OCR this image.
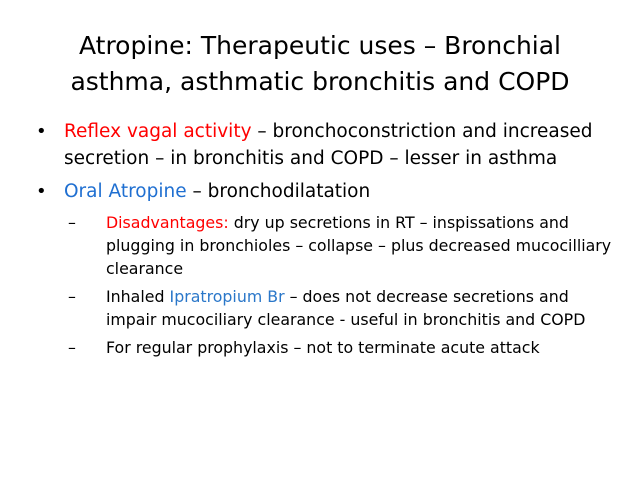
Atropine: Therapeutic uses – Bronchial
asthma, asthmatic bronchitis and COPD
• Reflex vagal activity – bronchoconstriction and increased secretion – in bronchitis and COPD – lesser in asthma
• Oral Atropine – bronchodilatation
– Disadvantages: dry up secretions in RT – inspissations and plugging in bronchioles – collapse – plus decreased mucocilliary clearance
– Inhaled Ipratropium Br – does not decrease secretions and impair mucociliary clearance - useful in bronchitis and COPD
– For regular prophylaxis – not to terminate acute attack
